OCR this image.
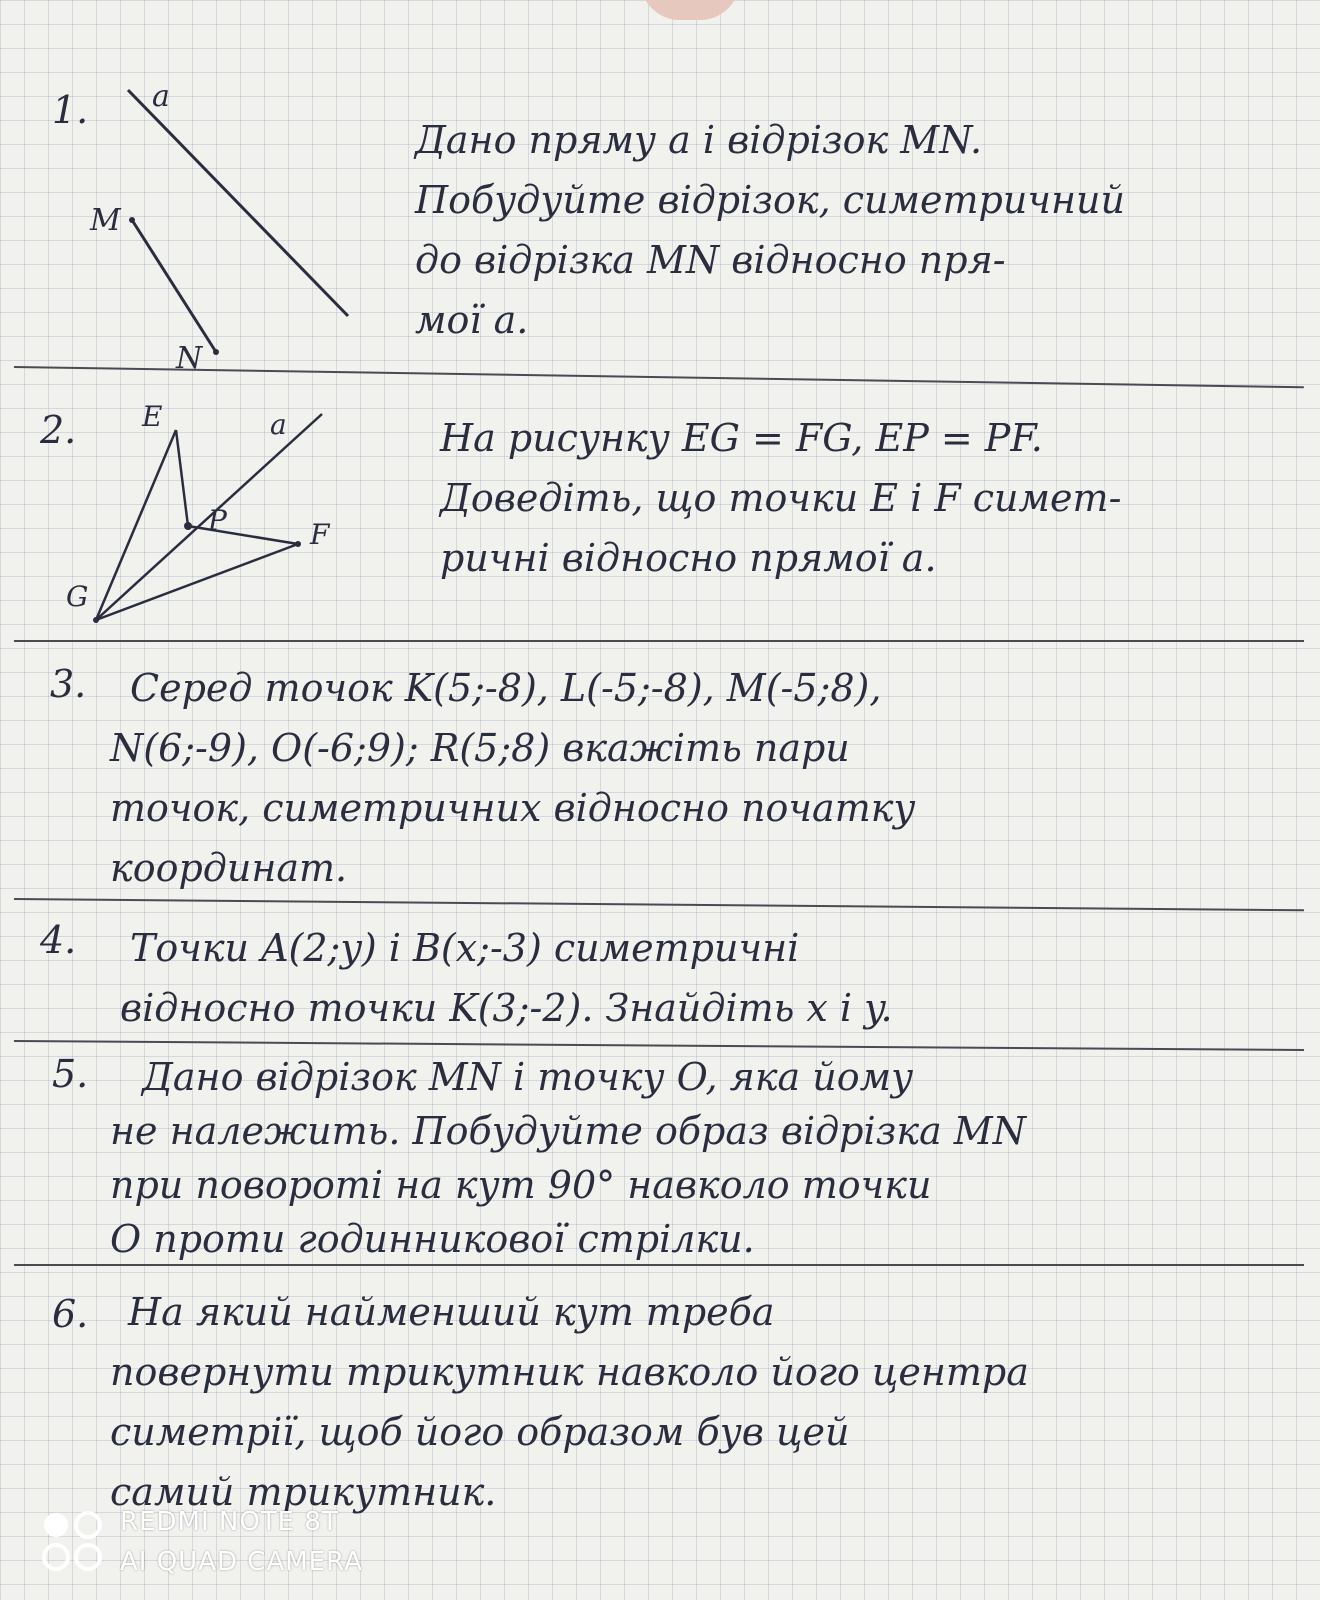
1. a
M
N
Дано пряму a і відрізок MN.
Побудуйте відрізок, симетричний
до відрізка MN відносно пря-
мої a.
2. E	a
P	F
G
На рисунку EG = FG, EP = PF.
Доведіть, що точки E і F симет-
ричні відносно прямої a.
3.	Серед точок K(5;-8), L(-5;-8), M(-5;8),
N(6;-9), O(-6;9); R(5;8) вкажіть пари
точок, симетричних відносно початку
координат.
4. Точки A(2;y) і B(x;-3) симетричні
відносно точки K(3;-2). Знайдіть x і y.
5.	Дано відрізок MN і точку O, яка йому
не належить. Побудуйте образ відрізка MN
при повороті на кут 90° навколо точки
O проти годинникової стрілки.
6.	На який найменший кут треба
повернути трикутник навколо його центра
симетрії, щоб його образом був цей
самий трикутник.
REDMI NOTE 8T
AI QUAD CAMERA
